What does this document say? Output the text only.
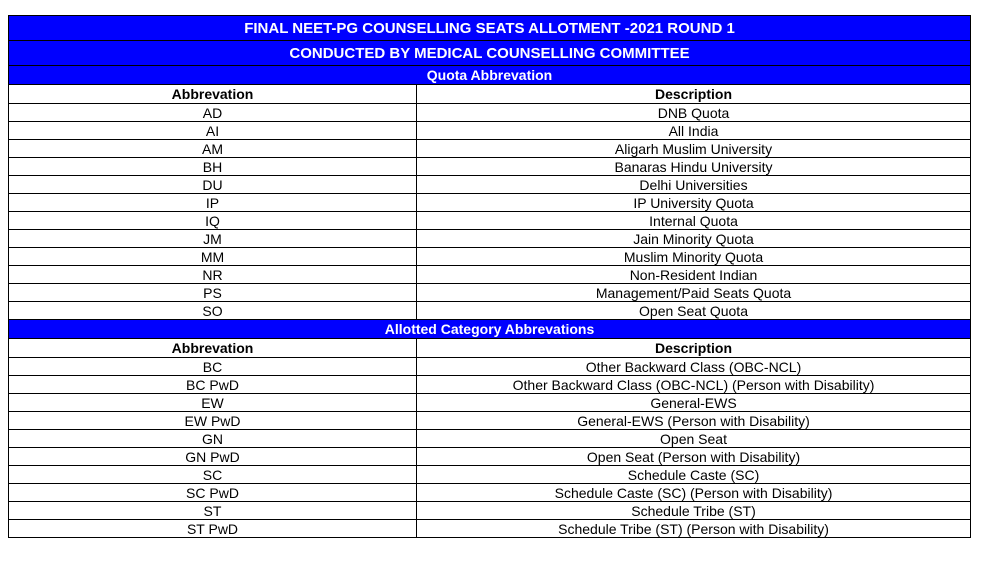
FINAL NEET-PG COUNSELLING SEATS ALLOTMENT -2021 ROUND 1	
CONDUCTED BY MEDICAL COUNSELLING COMMITTEE	
Quota Abbrevation	
Abbrevation	Description
AD	DNB Quota
AI	All India
AM	Aligarh Muslim University
BH	Banaras Hindu University
DU	Delhi Universities
IP	IP University Quota
IQ	Internal Quota
JM	Jain Minority Quota
MM	Muslim Minority Quota
NR	Non-Resident Indian
PS	Management/Paid Seats Quota
SO	Open Seat Quota
Allotted Category Abbrevations	
Abbrevation	Description
BC	Other Backward Class (OBC-NCL)
BC PwD	Other Backward Class (OBC-NCL) (Person with Disability)
EW	General-EWS
EW PwD	General-EWS (Person with Disability)
GN	Open Seat
GN PwD	Open Seat (Person with Disability)
SC	Schedule Caste (SC)
SC PwD	Schedule Caste (SC) (Person with Disability)
ST	Schedule Tribe (ST)
ST PwD	Schedule Tribe (ST) (Person with Disability)
